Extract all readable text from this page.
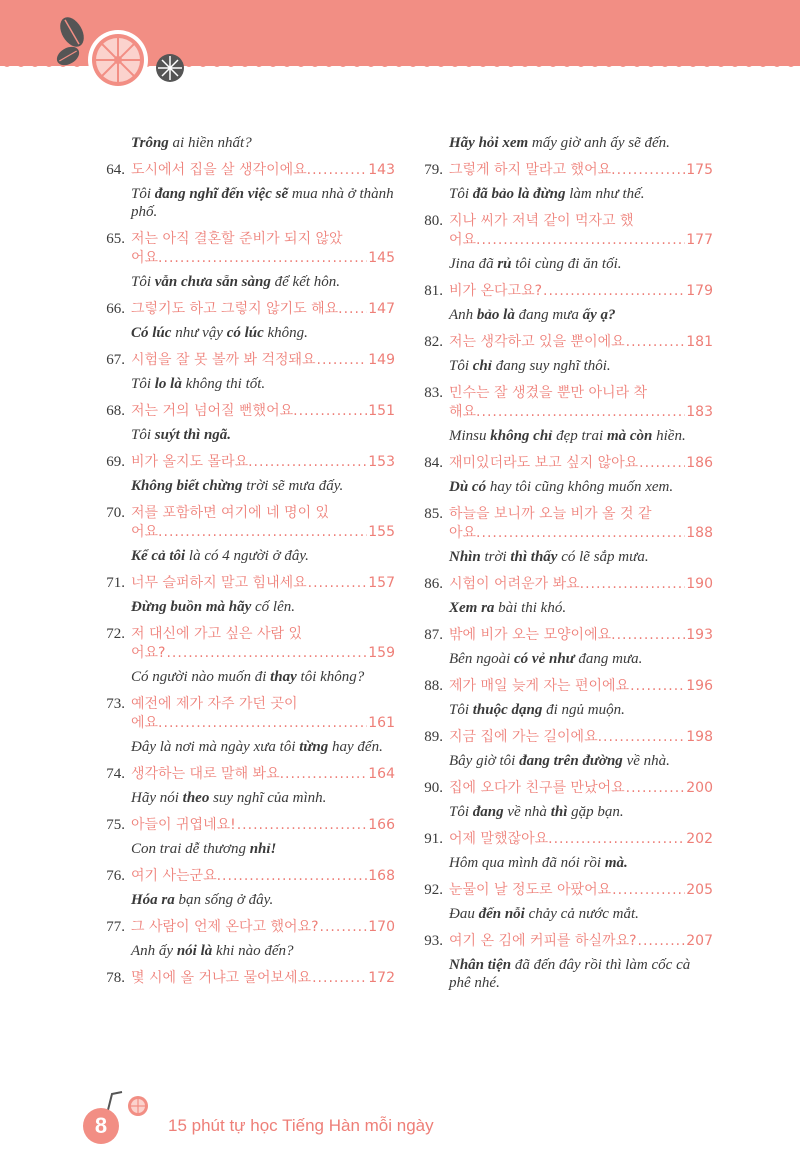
Trông ai hiền nhất?
64. 도시에서 집을 살 생각이에요. .....	143
Tôi đang nghĩ đến việc sẽ mua nhà ở thành phố.
65. 저는 아직 결혼할 준비가 되지 않았
어요. .....	145
Tôi vẫn chưa sẵn sàng để kết hôn.
66. 그렇기도 하고 그렇지 않기도 해요. ..... 147
Có lúc như vậy có lúc không.
67. 시험을 잘 못 볼까 봐 걱정돼요 .....	149
Tôi lo là không thi tốt.
68. 저는 거의 넘어질 뻔했어요. .....	151
Tôi suýt thì ngã.
69. 비가 올지도 몰라요. .....	153
Không biết chừng trời sẽ mưa đấy.
70. 저를 포함하면 여기에 네 명이 있
어요. .....	155
Kể cả tôi là có 4 người ở đây.
71. 너무 슬퍼하지 말고 힘내세요 .....	157
Đừng buồn mà hãy cố lên.
72. 저 대신에 가고 싶은 사람 있
어요? .....	159
Có người nào muốn đi thay tôi không?
73. 예전에 제가 자주 가던 곳이
에요. .....	161
Đây là nơi mà ngày xưa tôi từng hay đến.
74. 생각하는 대로 말해 봐요. .....	164
Hãy nói theo suy nghĩ của mình.
75. 아들이 귀엽네요! .....	166
Con trai dễ thương nhỉ!
76. 여기 사는군요. .....	168
Hóa ra bạn sống ở đây.
77. 그 사람이 언제 온다고 했어요? .....	170
Anh ấy nói là khi nào đến?
78. 몇 시에 올 거냐고 물어보세요 .....	172
Hãy hỏi xem mấy giờ anh ấy sẽ đến.
79. 그렇게 하지 말라고 했어요. .....	175
Tôi đã bảo là đừng làm như thế.
80. 지나 씨가 저녁 같이 먹자고 했
어요. .....	177
Jina đã rủ tôi cùng đi ăn tối.
81. 비가 온다고요? .....	179
Anh bảo là đang mưa ấy ạ?
82. 저는 생각하고 있을 뿐이에요 .....	181
Tôi chỉ đang suy nghĩ thôi.
83. 민수는 잘 생겼을 뿐만 아니라 착
해요. .....	183
Minsu không chỉ đẹp trai mà còn hiền.
84. 재미있더라도 보고 싶지 않아요 .....	186
Dù có hay tôi cũng không muốn xem.
85. 하늘을 보니까 오늘 비가 올 것 같
아요. .....	188
Nhìn trời thì thấy có lẽ sắp mưa.
86. 시험이 어려운가 봐요. .....	190
Xem ra bài thi khó.
87. 밖에 비가 오는 모양이에요. .....	193
Bên ngoài có vẻ như đang mưa.
88. 제가 매일 늦게 자는 편이에요 .....	196
Tôi thuộc dạng đi ngủ muộn.
89. 지금 집에 가는 길이에요. .....	198
Bây giờ tôi đang trên đường về nhà.
90. 집에 오다가 친구를 만났어요 .....	200
Tôi đang về nhà thì gặp bạn.
91. 어제 말했잖아요. .....	202
Hôm qua mình đã nói rồi mà.
92. 눈물이 날 정도로 아팠어요 .....	205
Đau đến nỗi chảy cả nước mắt.
93. 여기 온 김에 커피를 하실까요? .....	207
Nhân tiện đã đến đây rồi thì làm cốc cà phê nhé.
8	15 phút tự học Tiếng Hàn mỗi ngày
